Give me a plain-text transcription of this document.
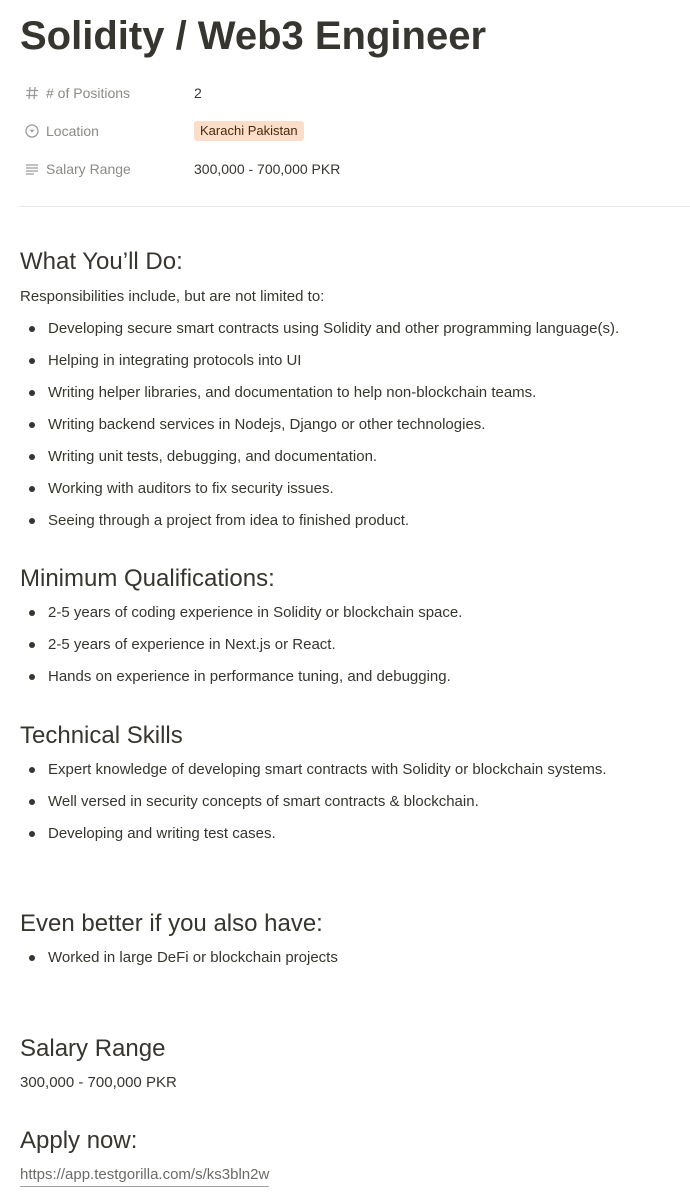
Solidity / Web3 Engineer
# of Positions	2
Location	Karachi Pakistan
Salary Range	300,000 - 700,000 PKR
What You’ll Do:

Responsibilities include, but are not limited to:

Developing secure smart contracts using Solidity and other programming language(s).
Helping in integrating protocols into UI
Writing helper libraries, and documentation to help non-blockchain teams.
Writing backend services in Nodejs, Django or other technologies.
Writing unit tests, debugging, and documentation.
Working with auditors to fix security issues.
Seeing through a project from idea to finished product.
Minimum Qualifications:
2-5 years of coding experience in Solidity or blockchain space.
2-5 years of experience in Next.js or React.
Hands on experience in performance tuning, and debugging.
Technical Skills
Expert knowledge of developing smart contracts with Solidity or blockchain systems.
Well versed in security concepts of smart contracts & blockchain.
Developing and writing test cases.
Even better if you also have:
Worked in large DeFi or blockchain projects
Salary Range

300,000 - 700,000 PKR

Apply now:
https://app.testgorilla.com/s/ks3bln2w
